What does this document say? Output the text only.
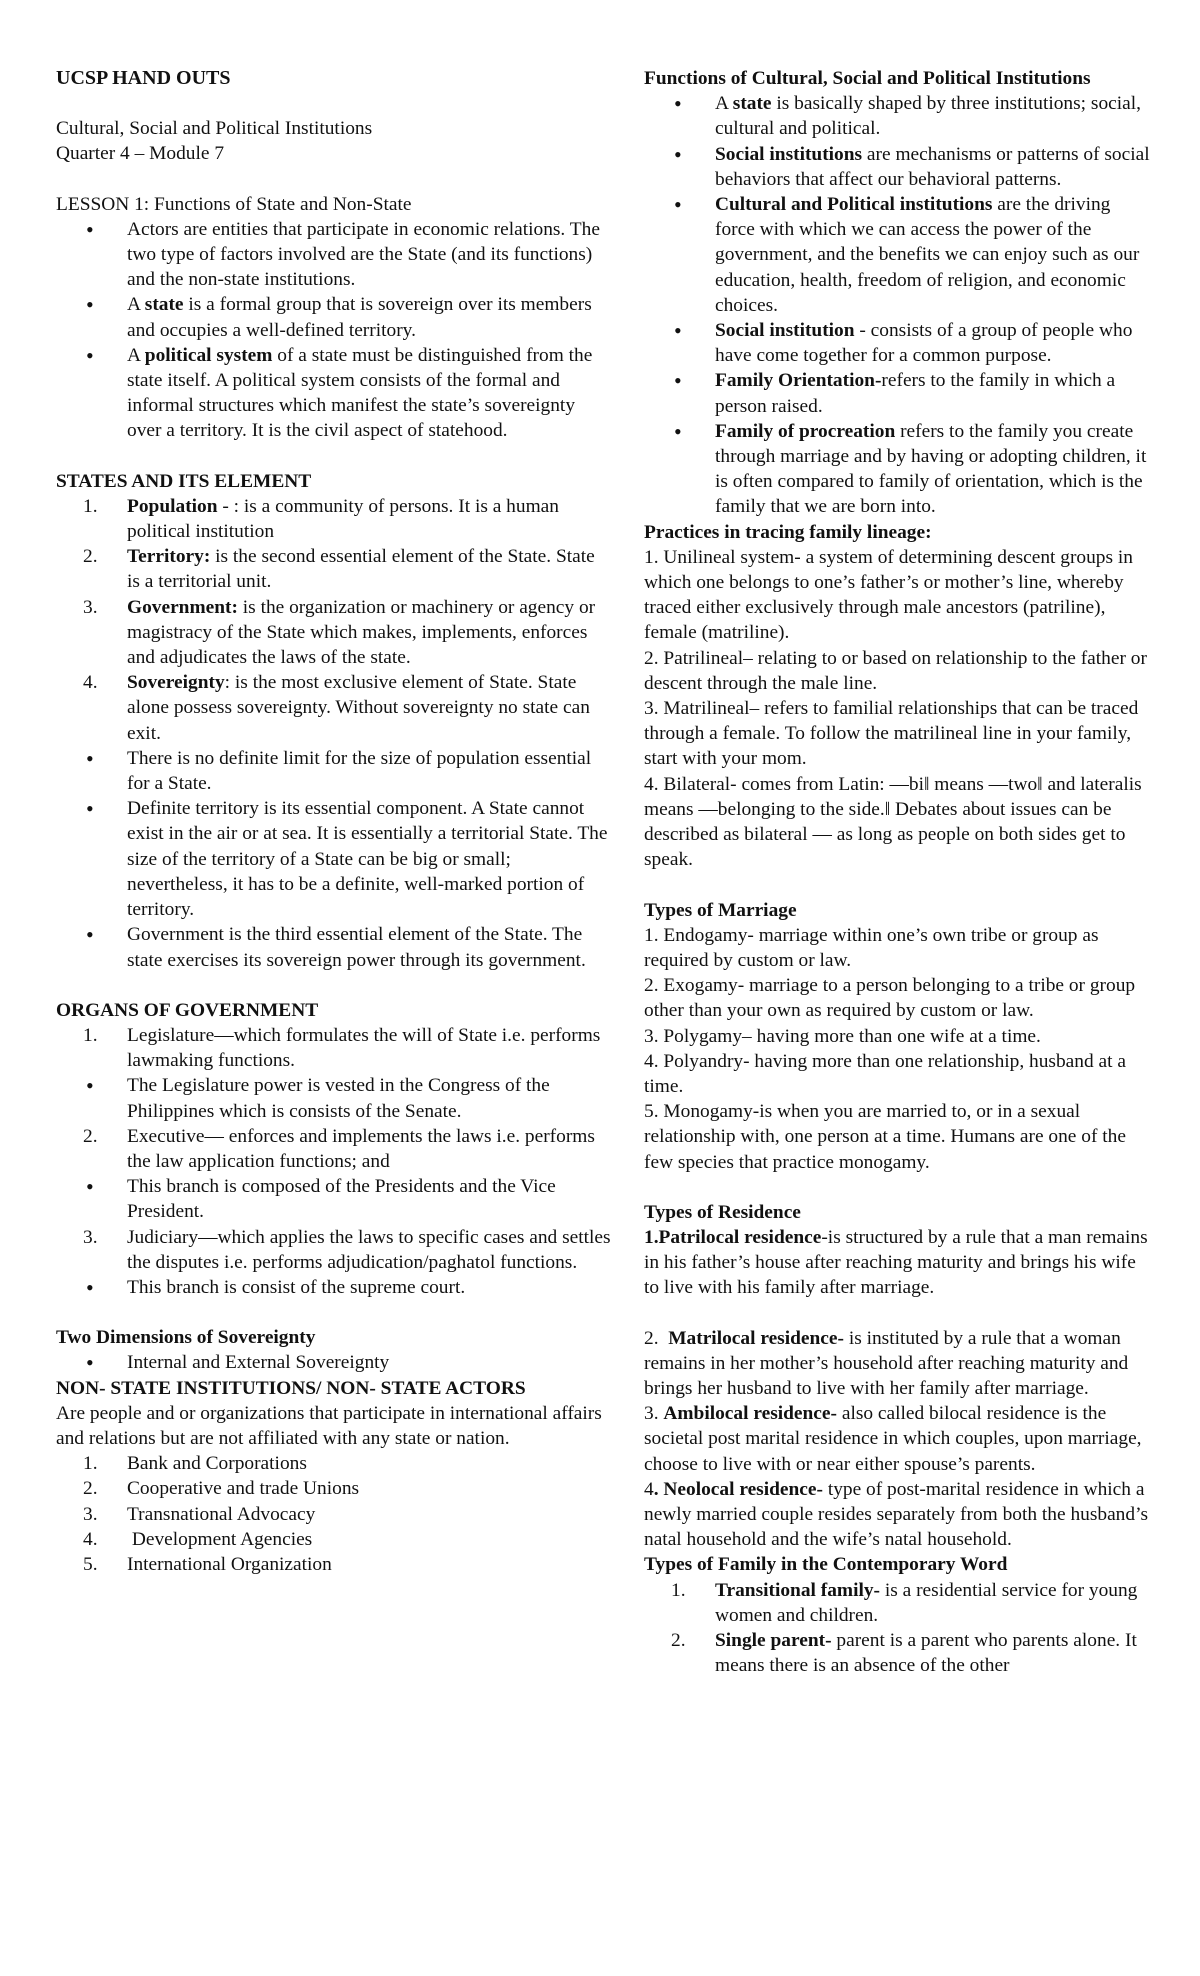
UCSP HAND OUTS

Cultural, Social and Political Institutions

Quarter 4 – Module 7

LESSON 1: Functions of State and Non-State

• Actors are entities that participate in economic relations. The two type of factors involved are the State (and its functions) and the non-state institutions.
• A state is a formal group that is sovereign over its members and occupies a well-defined territory.
• A political system of a state must be distinguished from the state itself. A political system consists of the formal and informal structures which manifest the state’s sovereignty over a territory. It is the civil aspect of statehood.

STATES AND ITS ELEMENT

1. Population - : is a community of persons. It is a human political institution
2. Territory: is the second essential element of the State. State is a territorial unit.
3. Government: is the organization or machinery or agency or magistracy of the State which makes, implements, enforces and adjudicates the laws of the state.
4. Sovereignty: is the most exclusive element of State. State alone possess sovereignty. Without sovereignty no state can exit.
• There is no definite limit for the size of population essential for a State.
• Definite territory is its essential component. A State cannot exist in the air or at sea. It is essentially a territorial State. The size of the territory of a State can be big or small; nevertheless, it has to be a definite, well-marked portion of territory.
• Government is the third essential element of the State. The state exercises its sovereign power through its government.

ORGANS OF GOVERNMENT

1. Legislature—which formulates the will of State i.e. performs lawmaking functions.
• The Legislature power is vested in the Congress of the Philippines which is consists of the Senate.
2. Executive— enforces and implements the laws i.e. performs the law application functions; and
• This branch is composed of the Presidents and the Vice President.
3. Judiciary—which applies the laws to specific cases and settles the disputes i.e. performs adjudication/paghatol functions.
• This branch is consist of the supreme court.

Two Dimensions of Sovereignty

• Internal and External Sovereignty

NON- STATE INSTITUTIONS/ NON- STATE ACTORS

Are people and or organizations that participate in international affairs and relations but are not affiliated with any state or nation.

1. Bank and Corporations
2. Cooperative and trade Unions
3. Transnational Advocacy
4. Development Agencies
5. International Organization

Functions of Cultural, Social and Political Institutions

• A state is basically shaped by three institutions; social, cultural and political.
• Social institutions are mechanisms or patterns of social behaviors that affect our behavioral patterns.
• Cultural and Political institutions are the driving force with which we can access the power of the government, and the benefits we can enjoy such as our education, health, freedom of religion, and economic choices.
• Social institution - consists of a group of people who have come together for a common purpose.
• Family Orientation-refers to the family in which a person raised.
• Family of procreation refers to the family you create through marriage and by having or adopting children, it is often compared to family of orientation, which is the family that we are born into.

Practices in tracing family lineage:

1. Unilineal system- a system of determining descent groups in which one belongs to one’s father’s or mother’s line, whereby traced either exclusively through male ancestors (patriline), female (matriline).

2. Patrilineal– relating to or based on relationship to the father or descent through the male line.

3. Matrilineal– refers to familial relationships that can be traced through a female. To follow the matrilineal line in your family, start with your mom.

4. Bilateral- comes from Latin: ―bi‖ means ―two‖ and lateralis means ―belonging to the side.‖ Debates about issues can be described as bilateral — as long as people on both sides get to speak.

Types of Marriage

1. Endogamy- marriage within one’s own tribe or group as required by custom or law.

2. Exogamy- marriage to a person belonging to a tribe or group other than your own as required by custom or law.

3. Polygamy– having more than one wife at a time.

4. Polyandry- having more than one relationship, husband at a time.

5. Monogamy-is when you are married to, or in a sexual relationship with, one person at a time. Humans are one of the few species that practice monogamy.

Types of Residence

1.Patrilocal residence-is structured by a rule that a man remains in his father’s house after reaching maturity and brings his wife to live with his family after marriage.

2.  Matrilocal residence- is instituted by a rule that a woman remains in her mother’s household after reaching maturity and brings her husband to live with her family after marriage.

3. Ambilocal residence- also called bilocal residence is the societal post marital residence in which couples, upon marriage, choose to live with or near either spouse’s parents.

4. Neolocal residence- type of post-marital residence in which a newly married couple resides separately from both the husband’s natal household and the wife’s natal household.

Types of Family in the Contemporary Word

1. Transitional family- is a residential service for young women and children.
2. Single parent- parent is a parent who parents alone. It means there is an absence of the other
